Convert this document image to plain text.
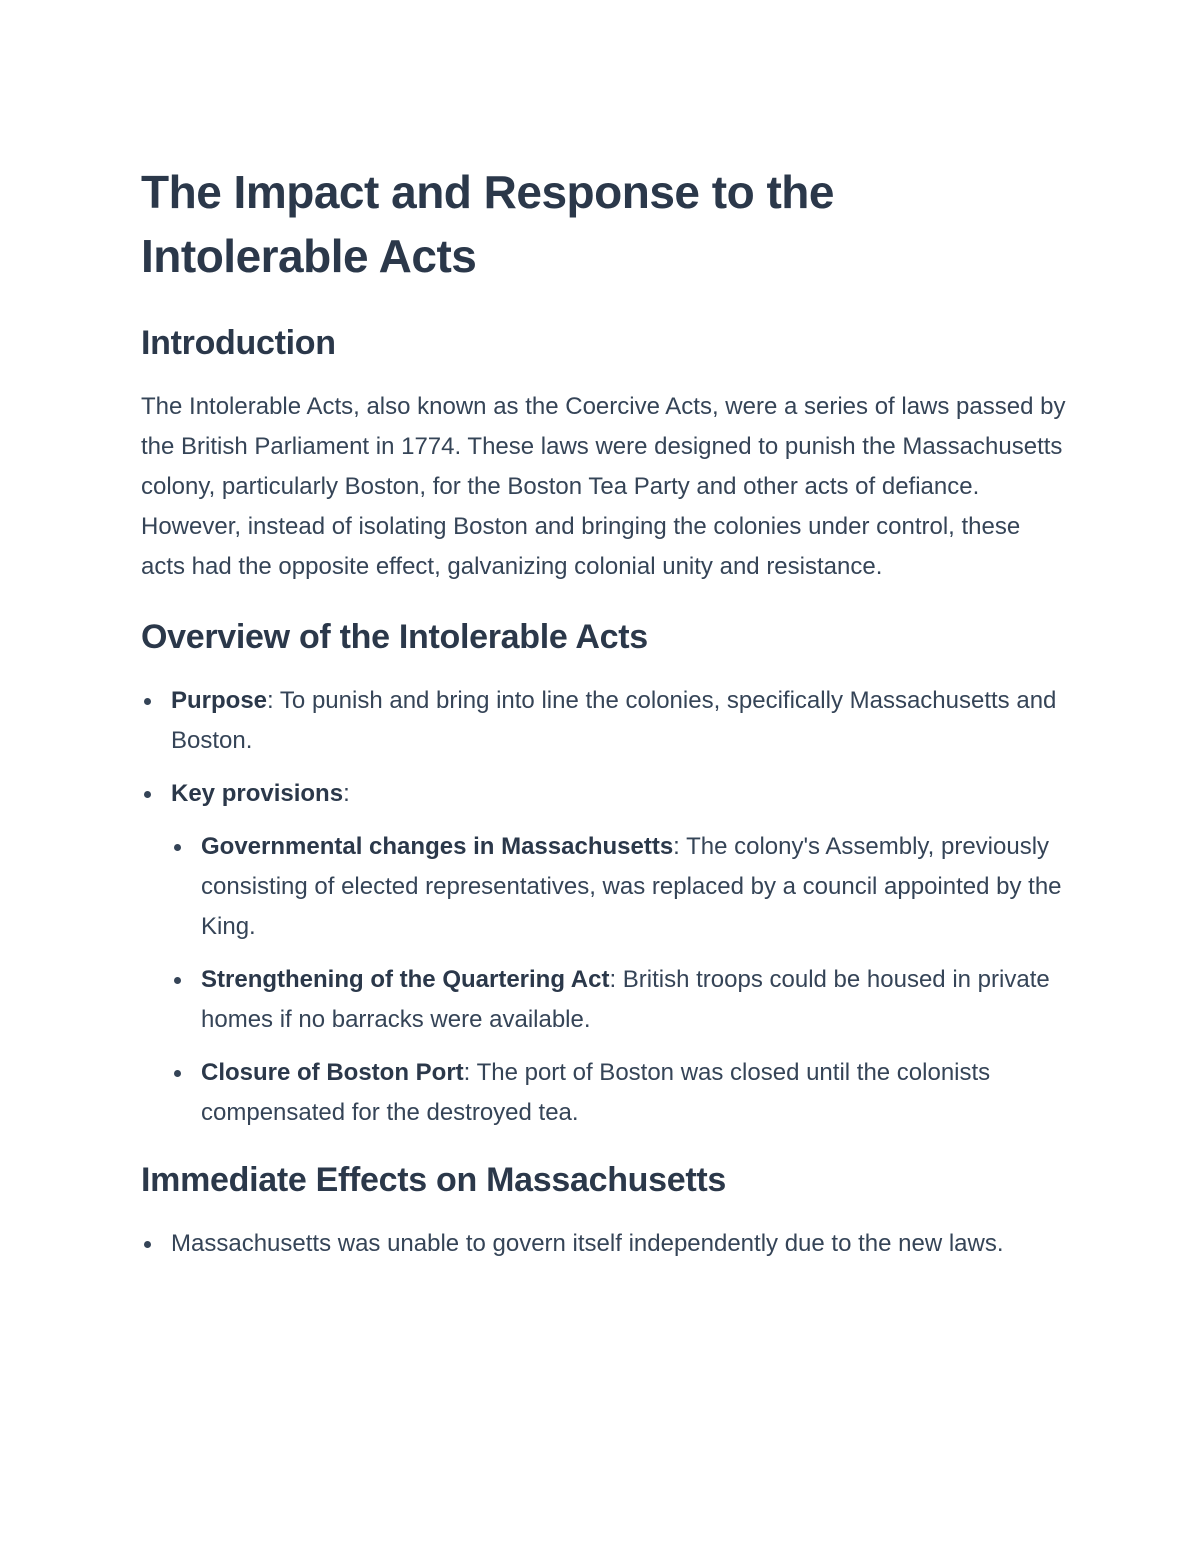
The Impact and Response to the Intolerable Acts
Introduction

The Intolerable Acts, also known as the Coercive Acts, were a series of laws passed by the British Parliament in 1774. These laws were designed to punish the Massachusetts colony, particularly Boston, for the Boston Tea Party and other acts of defiance. However, instead of isolating Boston and bringing the colonies under control, these acts had the opposite effect, galvanizing colonial unity and resistance.

Overview of the Intolerable Acts
Purpose: To punish and bring into line the colonies, specifically Massachusetts and Boston.
Key provisions:
Governmental changes in Massachusetts: The colony's Assembly, previously consisting of elected representatives, was replaced by a council appointed by the King.
Strengthening of the Quartering Act: British troops could be housed in private homes if no barracks were available.
Closure of Boston Port: The port of Boston was closed until the colonists compensated for the destroyed tea.
Immediate Effects on Massachusetts
Massachusetts was unable to govern itself independently due to the new laws.
